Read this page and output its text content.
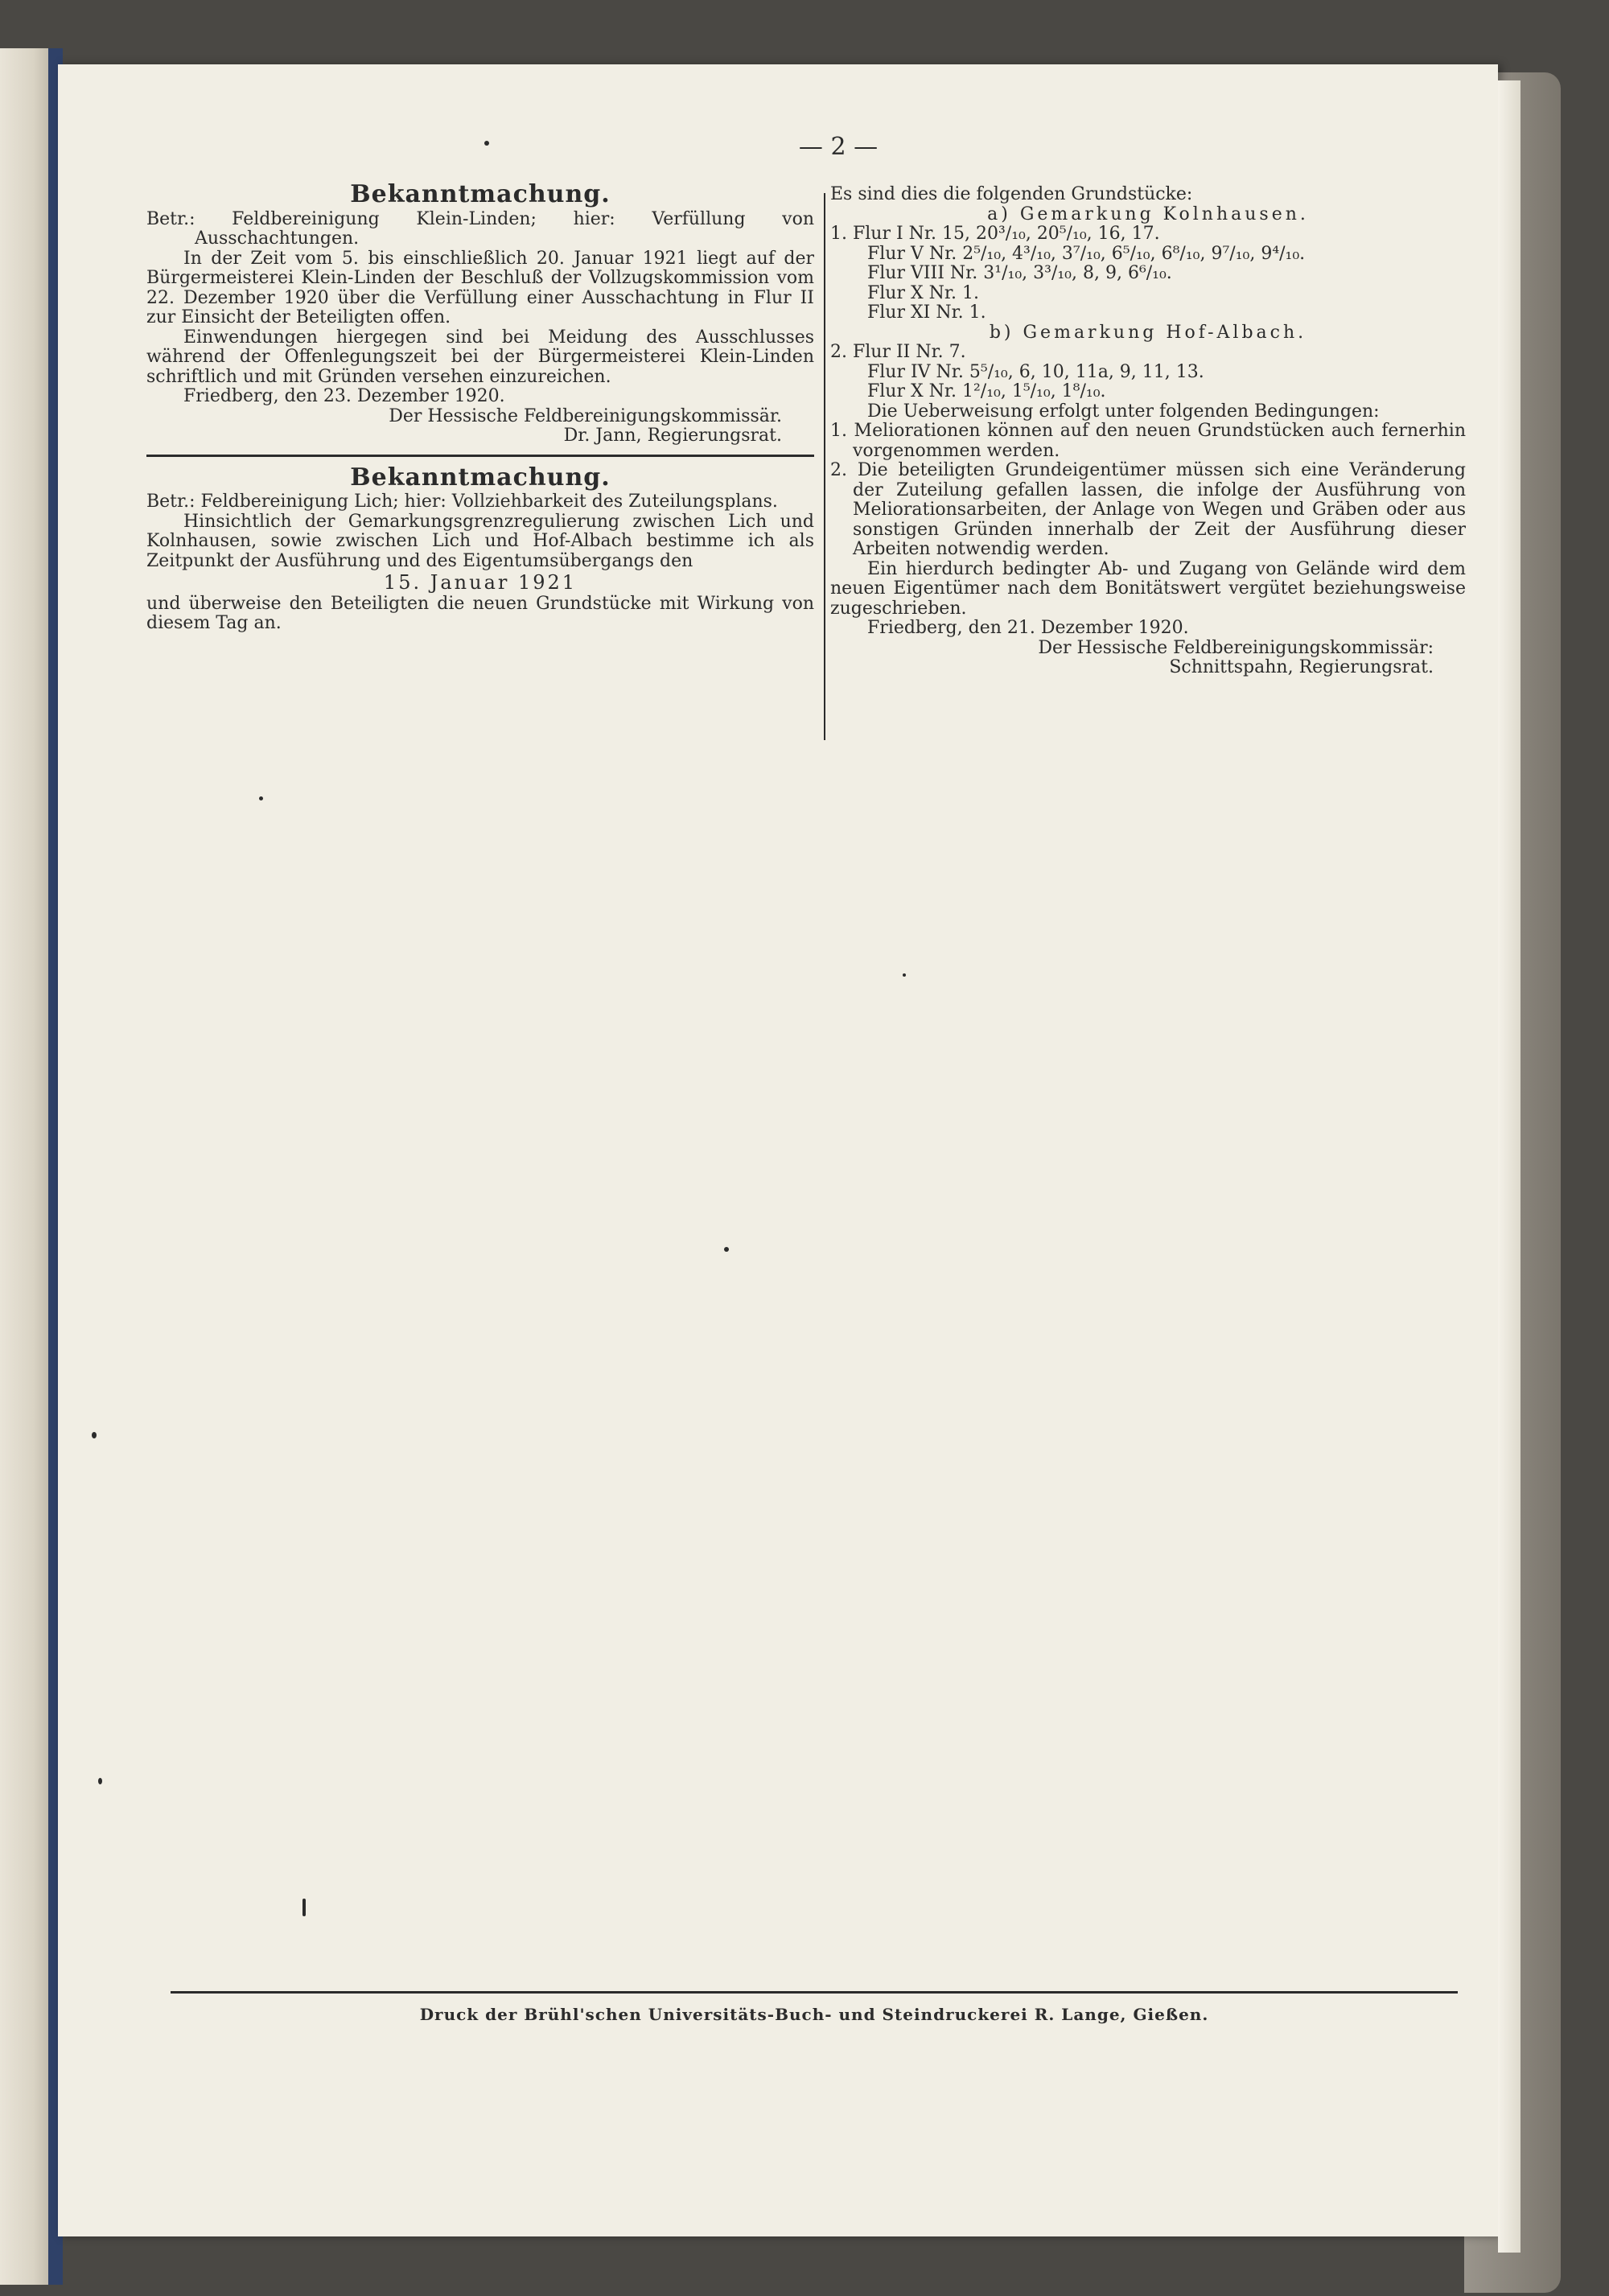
— 2 —

Bekanntmachung.

Betr.: Feldbereinigung Klein-Linden; hier: Verfüllung von Ausschachtungen.

In der Zeit vom 5. bis einschließlich 20. Januar 1921 liegt auf der Bürgermeisterei Klein-Linden der Beschluß der Vollzugskommission vom 22. Dezember 1920 über die Verfüllung einer Ausschachtung in Flur II zur Einsicht der Beteiligten offen.

Einwendungen hiergegen sind bei Meidung des Ausschlusses während der Offenlegungszeit bei der Bürgermeisterei Klein-Linden schriftlich und mit Gründen versehen einzureichen.

Friedberg, den 23. Dezember 1920.

Der Hessische Feldbereinigungskommissär.

Dr. Jann, Regierungsrat.

Bekanntmachung.

Betr.: Feldbereinigung Lich; hier: Vollziehbarkeit des Zuteilungsplans.

Hinsichtlich der Gemarkungsgrenzregulierung zwischen Lich und Kolnhausen, sowie zwischen Lich und Hof-Albach bestimme ich als Zeitpunkt der Ausführung und des Eigentumsübergangs den

15. Januar 1921

und überweise den Beteiligten die neuen Grundstücke mit Wirkung von diesem Tag an.

Es sind dies die folgenden Grundstücke:

a) Gemarkung Kolnhausen.

1. Flur I Nr. 15, 20³/₁₀, 20⁵/₁₀, 16, 17.

Flur V Nr. 2⁵/₁₀, 4³/₁₀, 3⁷/₁₀, 6⁵/₁₀, 6⁸/₁₀, 9⁷/₁₀, 9⁴/₁₀.

Flur VIII Nr. 3¹/₁₀, 3³/₁₀, 8, 9, 6⁶/₁₀.

Flur X Nr. 1.

Flur XI Nr. 1.

b) Gemarkung Hof-Albach.

2. Flur II Nr. 7.

Flur IV Nr. 5⁵/₁₀, 6, 10, 11a, 9, 11, 13.

Flur X Nr. 1²/₁₀, 1⁵/₁₀, 1⁸/₁₀.

Die Ueberweisung erfolgt unter folgenden Bedingungen:

1. Meliorationen können auf den neuen Grundstücken auch fernerhin vorgenommen werden.

2. Die beteiligten Grundeigentümer müssen sich eine Veränderung der Zuteilung gefallen lassen, die infolge der Ausführung von Meliorationsarbeiten, der Anlage von Wegen und Gräben oder aus sonstigen Gründen innerhalb der Zeit der Ausführung dieser Arbeiten notwendig werden.

Ein hierdurch bedingter Ab- und Zugang von Gelände wird dem neuen Eigentümer nach dem Bonitätswert vergütet beziehungsweise zugeschrieben.

Friedberg, den 21. Dezember 1920.

Der Hessische Feldbereinigungskommissär:

Schnittspahn, Regierungsrat.

Druck der Brühl'schen Universitäts-Buch- und Steindruckerei R. Lange, Gießen.
